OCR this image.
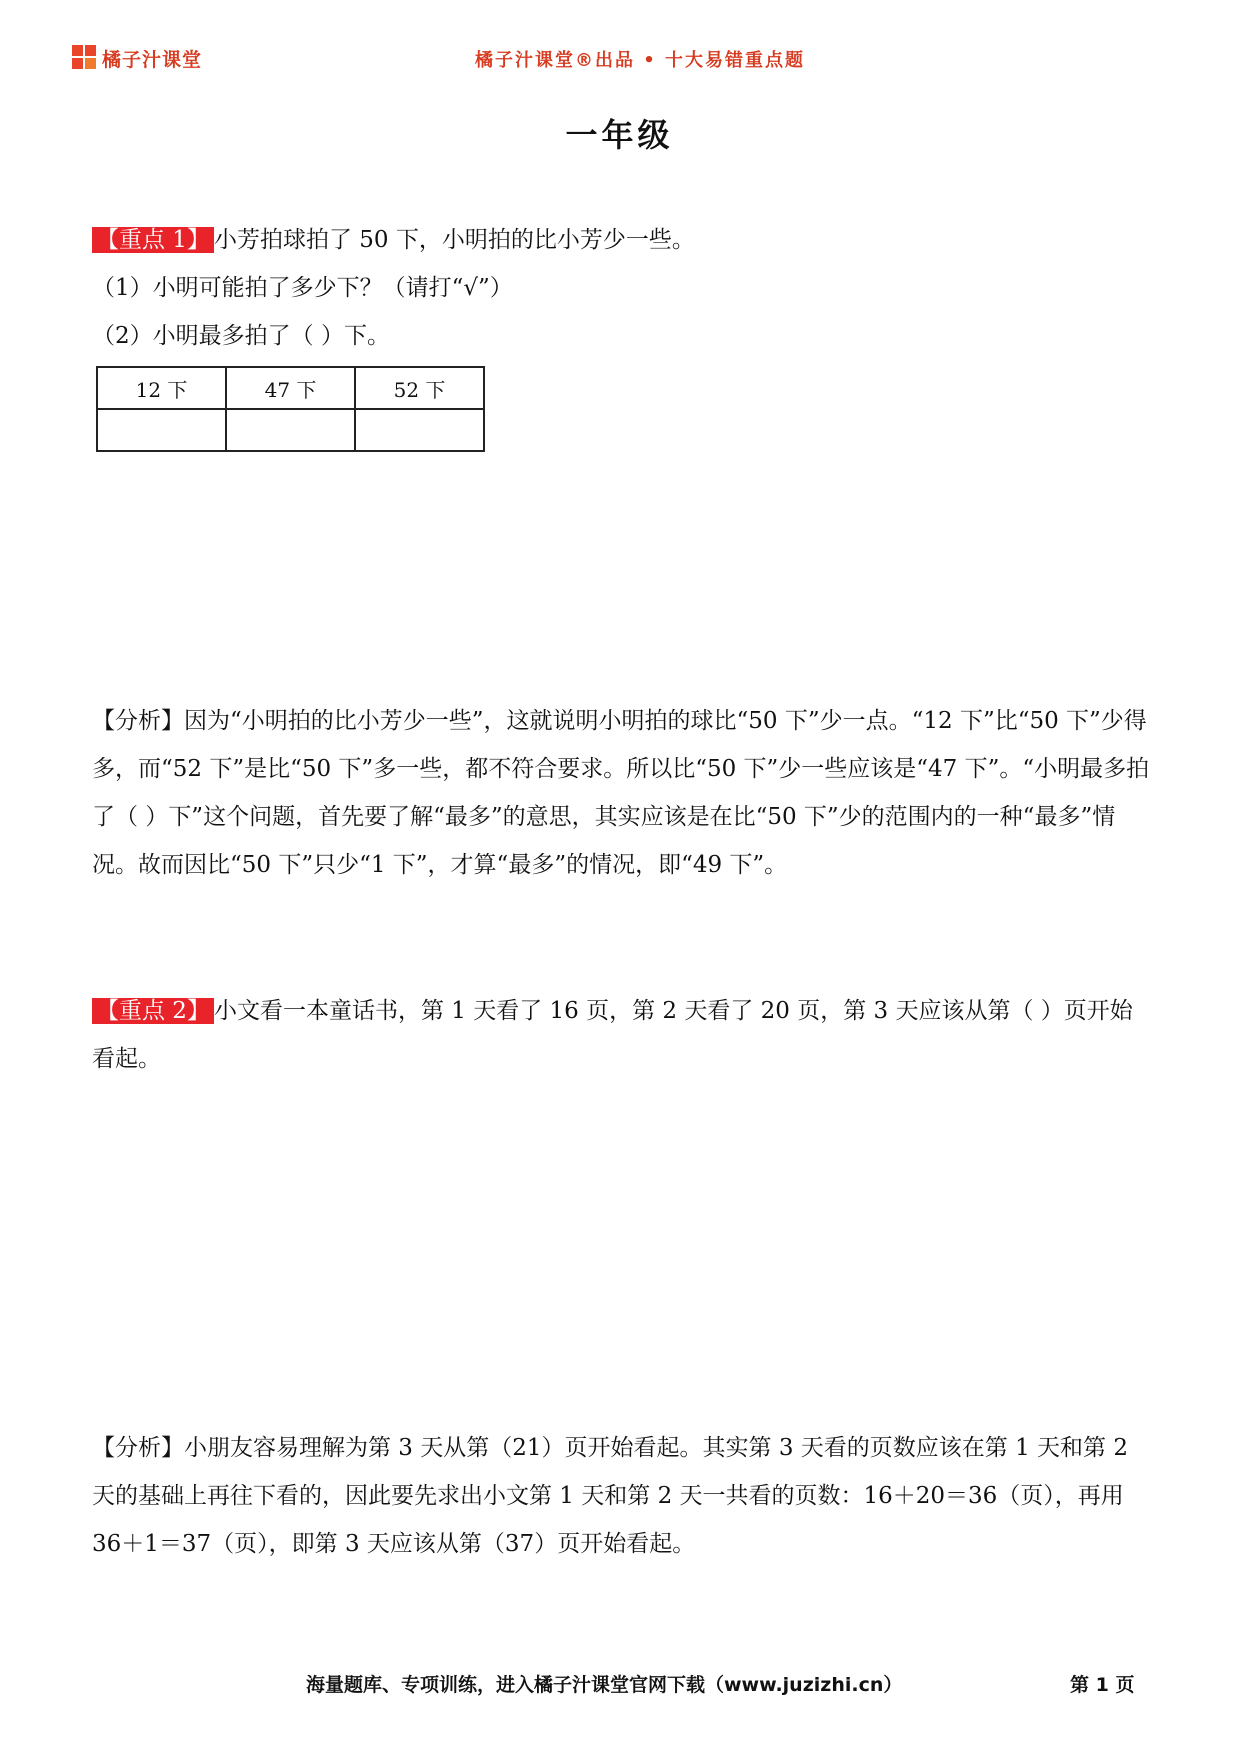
橘子汁课堂	橘子汁课堂®出品 • 十大易错重点题
一年级
【重点 1】 小芳拍球拍了 50 下，小明拍的比小芳少一些。
（1）小明可能拍了多少下？（请打“√”）
（2）小明最多拍了（ ）下。
12 下	47 下	52 下

【分析】因为“小明拍的比小芳少一些”，这就说明小明拍的球比“50 下”少一点。“12 下”比“50 下”少得多，而“52 下”是比“50 下”多一些，都不符合要求。所以比“50 下”少一些应该是“47 下”。“小明最多拍了（ ）下”这个问题，首先要了解“最多”的意思，其实应该是在比“50 下”少的范围内的一种“最多”情况。故而因比“50 下”只少“1 下”，才算“最多”的情况，即“49 下”。
【重点 2】 小文看一本童话书，第 1 天看了 16 页，第 2 天看了 20 页，第 3 天应该从第（ ）页开始看起。
【分析】小朋友容易理解为第 3 天从第（21）页开始看起。其实第 3 天看的页数应该在第 1 天和第 2 天的基础上再往下看的，因此要先求出小文第 1 天和第 2 天一共看的页数：16＋20＝36（页），再用 36＋1＝37（页），即第 3 天应该从第（37）页开始看起。
海量题库、专项训练，进入橘子汁课堂官网下载（www.juzizhi.cn）	第 1 页
